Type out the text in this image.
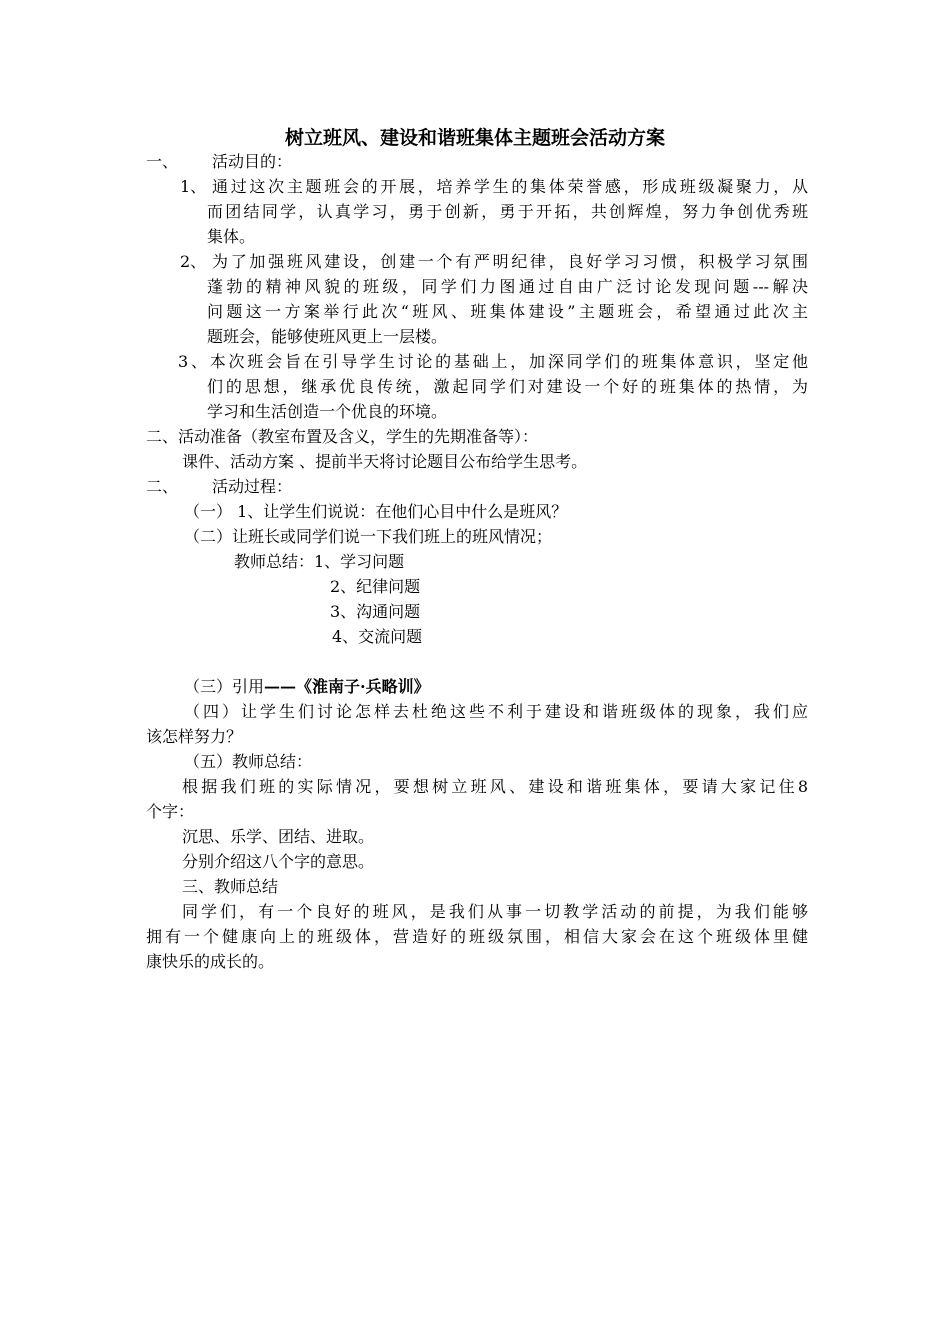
树立班风、建设和谐班集体主题班会活动方案
一、 活动目的：
1、 通过这次主题班会的开展，培养学生的集体荣誉感，形成班级凝聚力，从
而团结同学，认真学习，勇于创新，勇于开拓，共创辉煌，努力争创优秀班
集体。
2、 为了加强班风建设，创建一个有严明纪律，良好学习习惯，积极学习氛围
蓬勃的精神风貌的班级，同学们力图通过自由广泛讨论发现问题---解决
问题这一方案举行此次“班风、班集体建设”主题班会，希望通过此次主
题班会，能够使班风更上一层楼。
3、本次班会旨在引导学生讨论的基础上，加深同学们的班集体意识，坚定他
们的思想，继承优良传统，激起同学们对建设一个好的班集体的热情，为
学习和生活创造一个优良的环境。
二、活动准备（教室布置及含义，学生的先期准备等）：
课件、活动方案 、提前半天将讨论题目公布给学生思考。
二、 活动过程：
（一） 1、让学生们说说：在他们心目中什么是班风？
（二）让班长或同学们说一下我们班上的班风情况；
教师总结：1、学习问题
2、纪律问题
3、沟通问题
4、交流问题
（三）引用——《淮南子·兵略训》
（四）让学生们讨论怎样去杜绝这些不利于建设和谐班级体的现象，我们应
该怎样努力？
（五）教师总结：
根据我们班的实际情况，要想树立班风、建设和谐班集体，要请大家记住8
个字：
沉思、乐学、团结、进取。
分别介绍这八个字的意思。
三、教师总结
同学们，有一个良好的班风，是我们从事一切教学活动的前提，为我们能够
拥有一个健康向上的班级体，营造好的班级氛围，相信大家会在这个班级体里健
康快乐的成长的。
